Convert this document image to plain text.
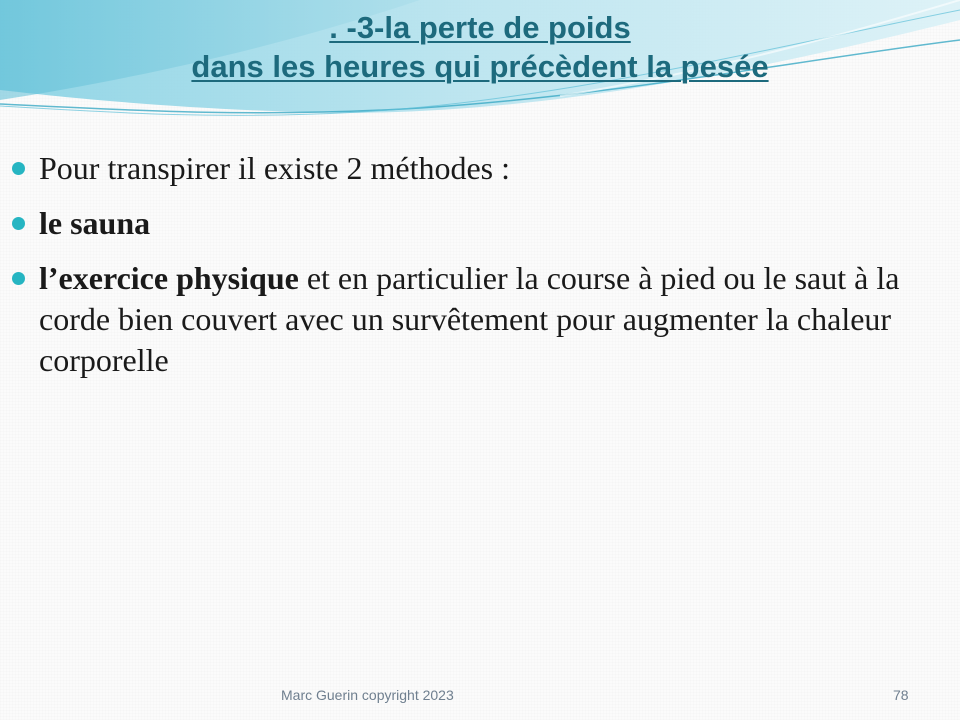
. -3-la perte de poids
dans les heures qui précèdent la pesée
Pour transpirer il existe 2 méthodes :
le sauna
l’exercice physique et en particulier la course à pied ou le saut à la corde bien couvert avec un survêtement pour augmenter la chaleur corporelle
Marc Guerin copyright 2023	78
